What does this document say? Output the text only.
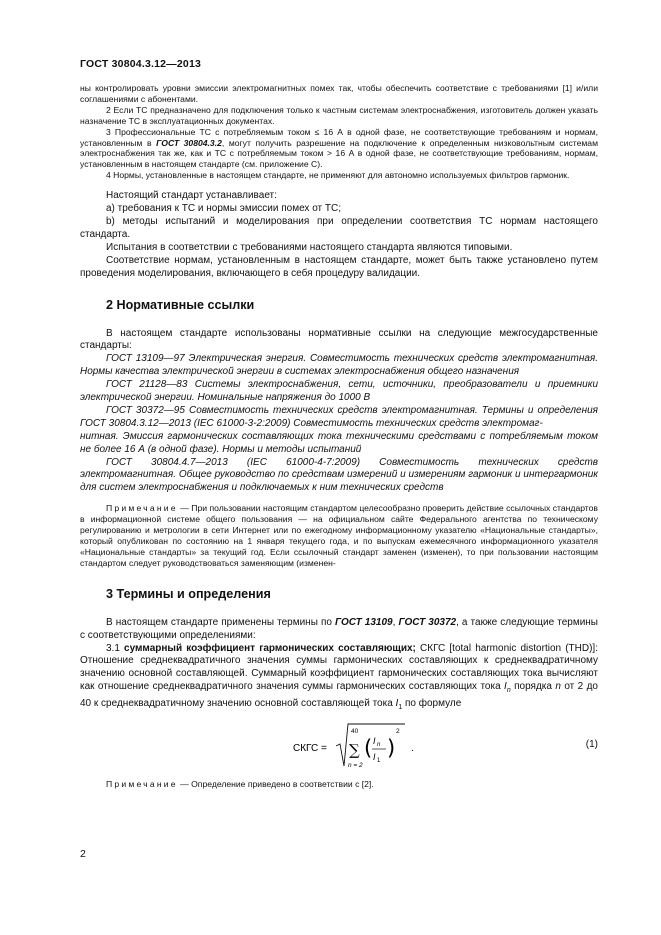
ГОСТ 30804.3.12—2013

ны контролировать уровни эмиссии электромагнитных помех так, чтобы обеспечить соответствие с требованиями [1] и/или соглашениями с абонентами.

2 Если ТС предназначено для подключения только к частным системам электроснабжения, изготовитель должен указать назначение ТС в эксплуатационных документах.

3 Профессиональные ТС с потребляемым током ≤ 16 А в одной фазе, не соответствующие требованиям и нормам, установленным в ГОСТ 30804.3.2, могут получить разрешение на подключение к определенным низковольтным системам электроснабжения так же, как и ТС с потребляемым током > 16 А в одной фазе, не соответствующие требованиям, нормам, установленным в настоящем стандарте (см. приложение С).

4 Нормы, установленные в настоящем стандарте, не применяют для автономно используемых фильтров гармоник.

Настоящий стандарт устанавливает:

а) требования к ТС и нормы эмиссии помех от ТС;

b) методы испытаний и моделирования при определении соответствия ТС нормам настоящего стандарта.

Испытания в соответствии с требованиями настоящего стандарта являются типовыми.

Соответствие нормам, установленным в настоящем стандарте, может быть также установлено путем проведения моделирования, включающего в себя процедуру валидации.

2 Нормативные ссылки

В настоящем стандарте использованы нормативные ссылки на следующие межгосударственные стандарты:

ГОСТ 13109—97 Электрическая энергия. Совместимость технических средств электромагнитная. Нормы качества электрической энергии в системах электроснабжения общего назначения

ГОСТ 21128—83 Системы электроснабжения, сети, источники, преобразователи и приемники электрической энергии. Номинальные напряжения до 1000 В

ГОСТ 30372—95 Совместимость технических средств электромагнитная. Термины и определения ГОСТ 30804.3.12—2013 (IEC 61000-3-2:2009) Совместимость технических средств электромаг-

нитная. Эмиссия гармонических составляющих тока техническими средствами с потребляемым током не более 16 А (в одной фазе). Нормы и методы испытаний

ГОСТ 30804.4.7—2013 (IEC 61000-4-7:2009) Совместимость технических средств электромагнитная. Общее руководство по средствам измерений и измерениям гармоник и интергармоник для систем электроснабжения и подключаемых к ним технических средств

Примечание — При пользовании настоящим стандартом целесообразно проверить действие ссылочных стандартов в информационной системе общего пользования — на официальном сайте Федерального агентства по техническому регулированию и метрологии в сети Интернет или по ежегодному информационному указателю «Национальные стандарты», который опубликован по состоянию на 1 января текущего года, и по выпускам ежемесячного информационного указателя «Национальные стандарты» за текущий год. Если ссылочный стандарт заменен (изменен), то при пользовании настоящим стандартом следует руководствоваться заменяющим (изменен-

3 Термины и определения

В настоящем стандарте применены термины по ГОСТ 13109, ГОСТ 30372, а также следующие термины с соответствующими определениями:

3.1 суммарный коэффициент гармонических составляющих; СКГС [total harmonic distortion (THD)]: Отношение среднеквадратичного значения суммы гармонических составляющих к среднеквадратичному значению основной составляющей. Суммарный коэффициент гармонических составляющих тока вычисляют как отношение среднеквадратичного значения суммы гармонических составляющих тока $I_n$ порядка n от 2 до 40 к среднеквадратичному значению основной составляющей тока $I_1$ по формуле

СКГС =
40
∑
n = 2
( I n
I 1
)
2
.	(1)

Примечание — Определение приведено в соответствии с [2].

2
